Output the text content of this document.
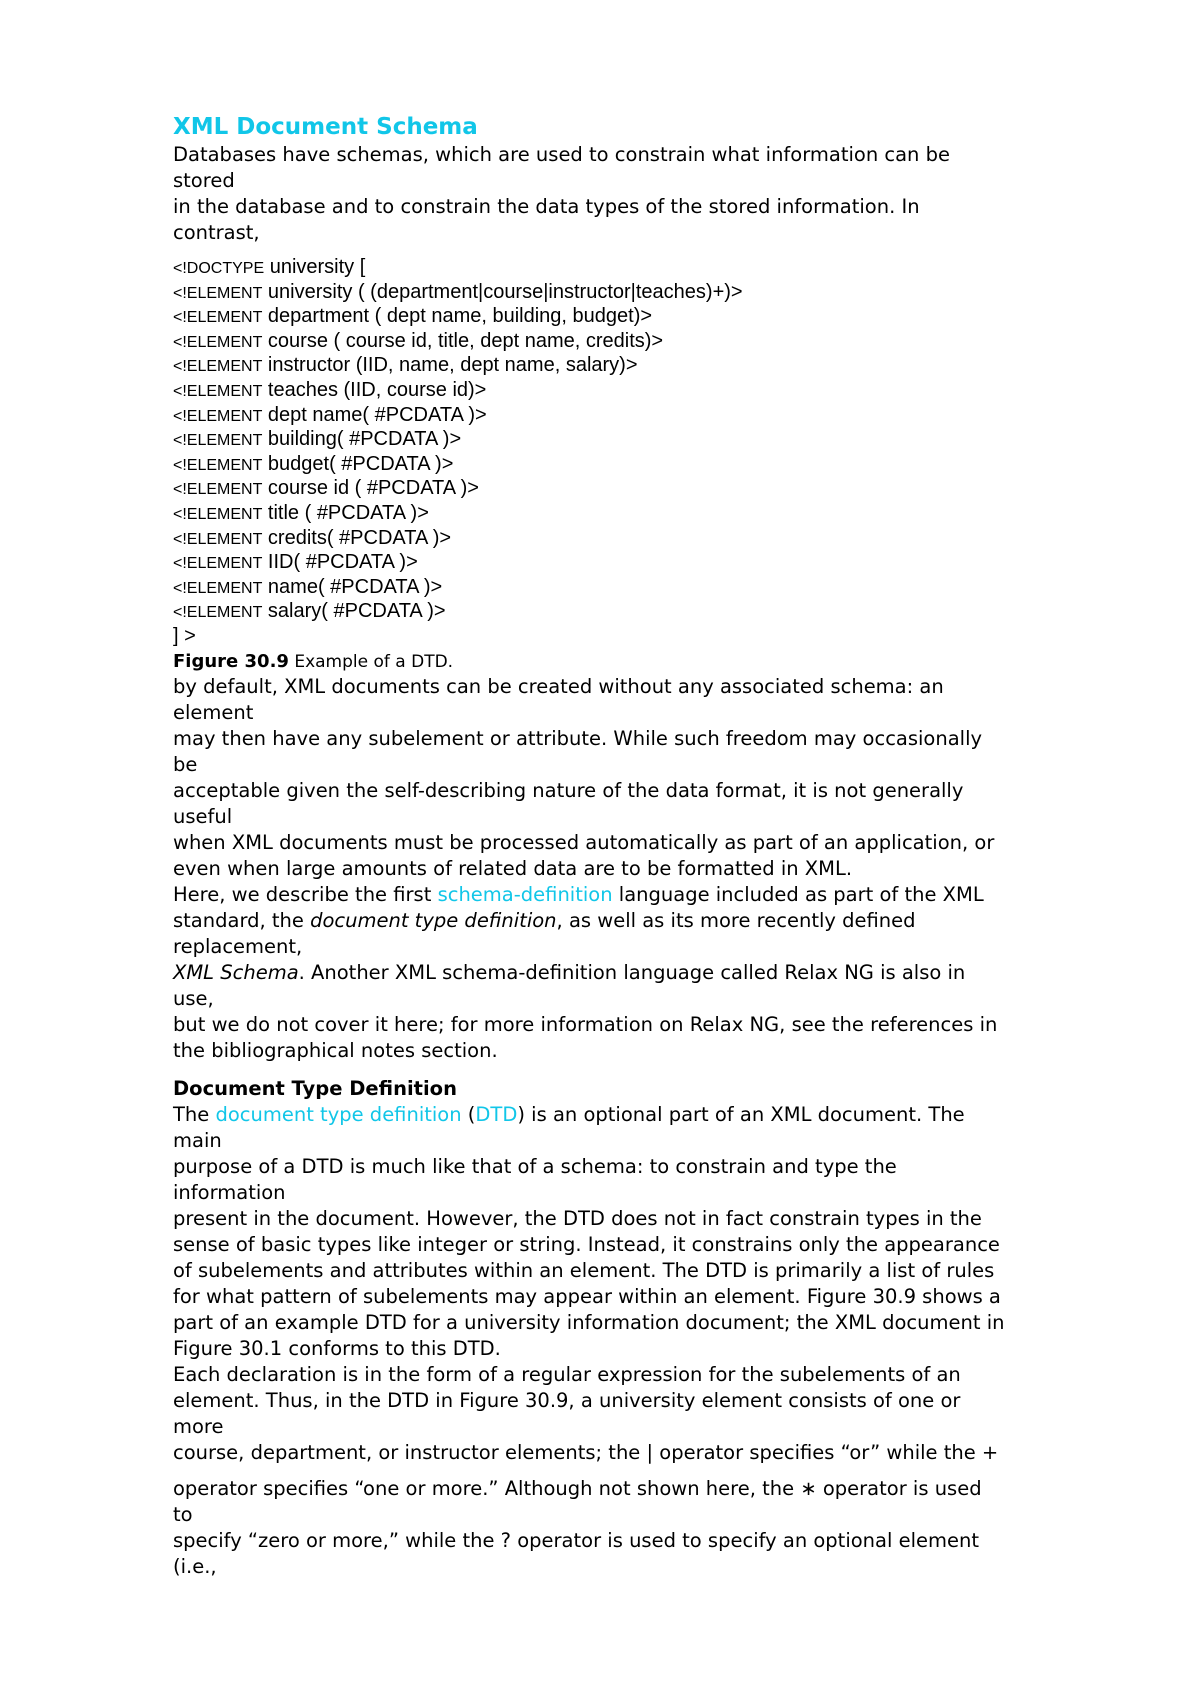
XML Document Schema

Databases have schemas, which are used to constrain what information can be

stored

in the database and to constrain the data types of the stored information. In

contrast,

<!DOCTYPE university [

<!ELEMENT university ( (department|course|instructor|teaches)+)>

<!ELEMENT department ( dept name, building, budget)>

<!ELEMENT course ( course id, title, dept name, credits)>

<!ELEMENT instructor (IID, name, dept name, salary)>

<!ELEMENT teaches (IID, course id)>

<!ELEMENT dept name( #PCDATA )>

<!ELEMENT building( #PCDATA )>

<!ELEMENT budget( #PCDATA )>

<!ELEMENT course id ( #PCDATA )>

<!ELEMENT title ( #PCDATA )>

<!ELEMENT credits( #PCDATA )>

<!ELEMENT IID( #PCDATA )>

<!ELEMENT name( #PCDATA )>

<!ELEMENT salary( #PCDATA )>

] >

Figure 30.9 Example of a DTD.

by default, XML documents can be created without any associated schema: an

element

may then have any subelement or attribute. While such freedom may occasionally

be

acceptable given the self-describing nature of the data format, it is not generally

useful

when XML documents must be processed automatically as part of an application, or

even when large amounts of related data are to be formatted in XML.

Here, we describe the first schema-definition language included as part of the XML

standard, the document type definition, as well as its more recently defined

replacement,

XML Schema. Another XML schema-definition language called Relax NG is also in

use,

but we do not cover it here; for more information on Relax NG, see the references in

the bibliographical notes section.

Document Type Definition

The document type definition (DTD) is an optional part of an XML document. The

main

purpose of a DTD is much like that of a schema: to constrain and type the

information

present in the document. However, the DTD does not in fact constrain types in the

sense of basic types like integer or string. Instead, it constrains only the appearance

of subelements and attributes within an element. The DTD is primarily a list of rules

for what pattern of subelements may appear within an element. Figure 30.9 shows a

part of an example DTD for a university information document; the XML document in

Figure 30.1 conforms to this DTD.

Each declaration is in the form of a regular expression for the subelements of an

element. Thus, in the DTD in Figure 30.9, a university element consists of one or

more

course, department, or instructor elements; the | operator specifies “or” while the +

operator specifies “one or more.” Although not shown here, the ∗ operator is used

to

specify “zero or more,” while the ? operator is used to specify an optional element

(i.e.,
